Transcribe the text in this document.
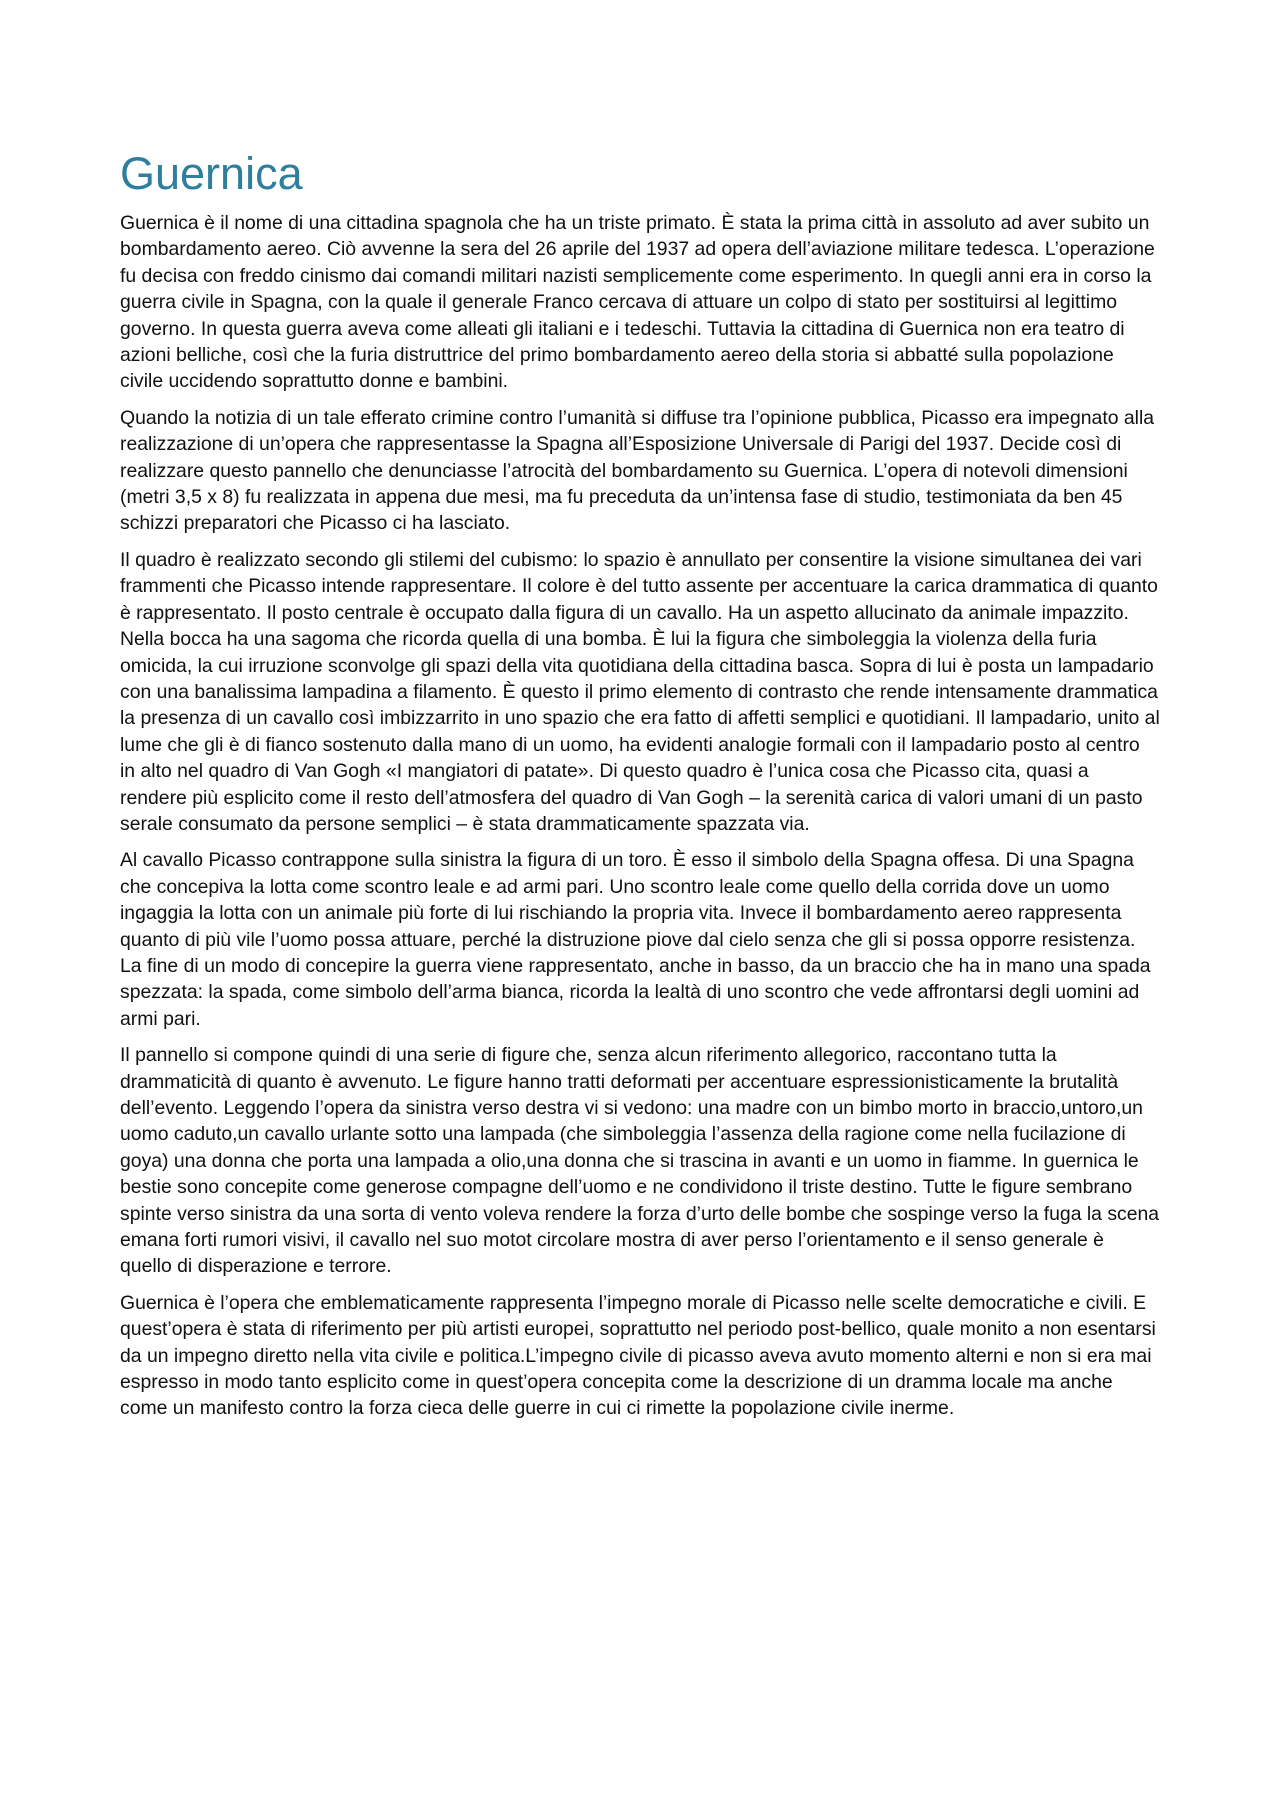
Guernica

Guernica è il nome di una cittadina spagnola che ha un triste primato. È stata la prima città in assoluto ad aver subito un bombardamento aereo. Ciò avvenne la sera del 26 aprile del 1937 ad opera dell’aviazione militare tedesca. L’operazione fu decisa con freddo cinismo dai comandi militari nazisti semplicemente come esperimento. In quegli anni era in corso la guerra civile in Spagna, con la quale il generale Franco cercava di attuare un colpo di stato per sostituirsi al legittimo governo. In questa guerra aveva come alleati gli italiani e i tedeschi. Tuttavia la cittadina di Guernica non era teatro di azioni belliche, così che la furia distruttrice del primo bombardamento aereo della storia si abbatté sulla popolazione civile uccidendo soprattutto donne e bambini.

Quando la notizia di un tale efferato crimine contro l’umanità si diffuse tra l’opinione pubblica, Picasso era impegnato alla realizzazione di un’opera che rappresentasse la Spagna all’Esposizione Universale di Parigi del 1937. Decide così di realizzare questo pannello che denunciasse l’atrocità del bombardamento su Guernica. L’opera di notevoli dimensioni (metri 3,5 x 8) fu realizzata in appena due mesi, ma fu preceduta da un’intensa fase di studio, testimoniata da ben 45 schizzi preparatori che Picasso ci ha lasciato.

Il quadro è realizzato secondo gli stilemi del cubismo: lo spazio è annullato per consentire la visione simultanea dei vari frammenti che Picasso intende rappresentare. Il colore è del tutto assente per accentuare la carica drammatica di quanto è rappresentato. Il posto centrale è occupato dalla figura di un cavallo. Ha un aspetto allucinato da animale impazzito. Nella bocca ha una sagoma che ricorda quella di una bomba. È lui la figura che simboleggia la violenza della furia omicida, la cui irruzione sconvolge gli spazi della vita quotidiana della cittadina basca. Sopra di lui è posta un lampadario con una banalissima lampadina a filamento. È questo il primo elemento di contrasto che rende intensamente drammatica la presenza di un cavallo così imbizzarrito in uno spazio che era fatto di affetti semplici e quotidiani. Il lampadario, unito al lume che gli è di fianco sostenuto dalla mano di un uomo, ha evidenti analogie formali con il lampadario posto al centro in alto nel quadro di Van Gogh «I mangiatori di patate». Di questo quadro è l’unica cosa che Picasso cita, quasi a rendere più esplicito come il resto dell’atmosfera del quadro di Van Gogh – la serenità carica di valori umani di un pasto serale consumato da persone semplici – è stata drammaticamente spazzata via.

Al cavallo Picasso contrappone sulla sinistra la figura di un toro. È esso il simbolo della Spagna offesa. Di una Spagna che concepiva la lotta come scontro leale e ad armi pari. Uno scontro leale come quello della corrida dove un uomo ingaggia la lotta con un animale più forte di lui rischiando la propria vita. Invece il bombardamento aereo rappresenta quanto di più vile l’uomo possa attuare, perché la distruzione piove dal cielo senza che gli si possa opporre resistenza. La fine di un modo di concepire la guerra viene rappresentato, anche in basso, da un braccio che ha in mano una spada spezzata: la spada, come simbolo dell’arma bianca, ricorda la lealtà di uno scontro che vede affrontarsi degli uomini ad armi pari.

Il pannello si compone quindi di una serie di figure che, senza alcun riferimento allegorico, raccontano tutta la drammaticità di quanto è avvenuto. Le figure hanno tratti deformati per accentuare espressionisticamente la brutalità dell’evento. Leggendo l’opera da sinistra verso destra vi si vedono: una madre con un bimbo morto in braccio,untoro,un uomo caduto,un cavallo urlante sotto una lampada (che simboleggia l’assenza della ragione come nella fucilazione di goya) una donna che porta una lampada a olio,una donna che si trascina in avanti e un uomo in fiamme. In guernica le bestie sono concepite come generose compagne dell’uomo e ne condividono il triste destino. Tutte le figure sembrano spinte verso sinistra da una sorta di vento voleva rendere la forza d’urto delle bombe che sospinge verso la fuga la scena emana forti rumori visivi, il cavallo nel suo motot circolare mostra di aver perso l’orientamento e il senso generale è quello di disperazione e terrore.

Guernica è l’opera che emblematicamente rappresenta l’impegno morale di Picasso nelle scelte democratiche e civili. E quest’opera è stata di riferimento per più artisti europei, soprattutto nel periodo post-bellico, quale monito a non esentarsi da un impegno diretto nella vita civile e politica.L’impegno civile di picasso aveva avuto momento alterni e non si era mai espresso in modo tanto esplicito come in quest’opera concepita come la descrizione di un dramma locale ma anche come un manifesto contro la forza cieca delle guerre in cui ci rimette la popolazione civile inerme.
